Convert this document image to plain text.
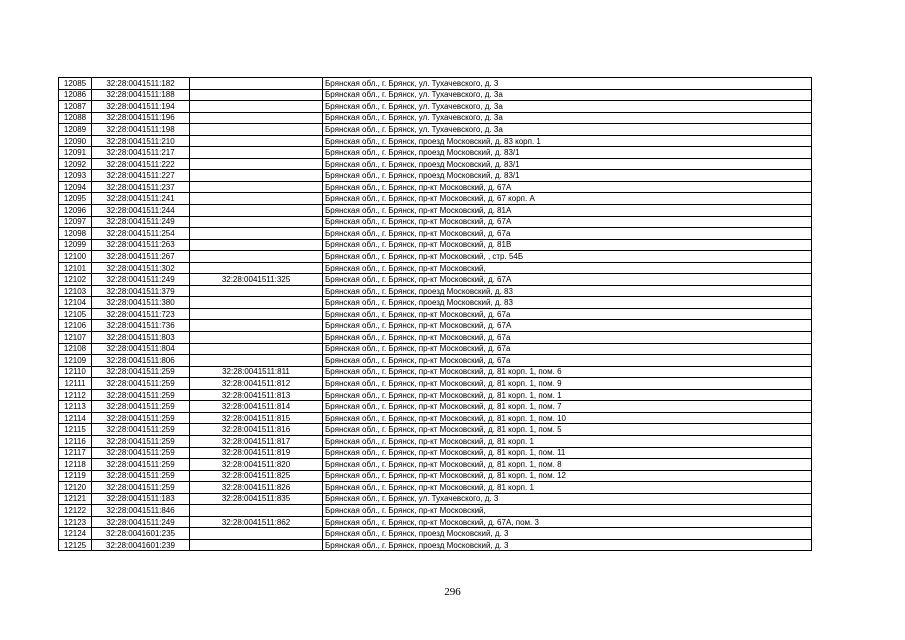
12085	32:28:0041511:182		Брянская обл., г. Брянск, ул. Тухачевского, д. 3
12086	32:28:0041511:188		Брянская обл., г. Брянск, ул. Тухачевского, д. 3а
12087	32:28:0041511:194		Брянская обл., г. Брянск, ул. Тухачевского, д. 3а
12088	32:28:0041511:196		Брянская обл., г. Брянск, ул. Тухачевского, д. 3а
12089	32:28:0041511:198		Брянская обл., г. Брянск, ул. Тухачевского, д. 3а
12090	32:28:0041511:210		Брянская обл., г. Брянск, проезд Московский, д. 83 корп. 1
12091	32:28:0041511:217		Брянская обл., г. Брянск, проезд Московский, д. 83/1
12092	32:28:0041511:222		Брянская обл., г. Брянск, проезд Московский, д. 83/1
12093	32:28:0041511:227		Брянская обл., г. Брянск, проезд Московский, д. 83/1
12094	32:28:0041511:237		Брянская обл., г. Брянск, пр-кт Московский, д. 67А
12095	32:28:0041511:241		Брянская обл., г. Брянск, пр-кт Московский, д. 67 корп. А
12096	32:28:0041511:244		Брянская обл., г. Брянск, пр-кт Московский, д. 81А
12097	32:28:0041511:249		Брянская обл., г. Брянск, пр-кт Московский, д. 67А
12098	32:28:0041511:254		Брянская обл., г. Брянск, пр-кт Московский, д. 67а
12099	32:28:0041511:263		Брянская обл., г. Брянск, пр-кт Московский, д. 81В
12100	32:28:0041511:267		Брянская обл., г. Брянск, пр-кт Московский, , стр. 54Б
12101	32:28:0041511:302		Брянская обл., г. Брянск, пр-кт Московский,
12102	32:28:0041511:249	32:28:0041511:325	Брянская обл., г. Брянск, пр-кт Московский, д. 67А
12103	32:28:0041511:379		Брянская обл., г. Брянск, проезд Московский, д. 83
12104	32:28:0041511:380		Брянская обл., г. Брянск, проезд Московский, д. 83
12105	32:28:0041511:723		Брянская обл., г. Брянск, пр-кт Московский, д. 67а
12106	32:28:0041511:736		Брянская обл., г. Брянск, пр-кт Московский, д. 67А
12107	32:28:0041511:803		Брянская обл., г. Брянск, пр-кт Московский, д. 67а
12108	32:28:0041511:804		Брянская обл., г. Брянск, пр-кт Московский, д. 67а
12109	32:28:0041511:806		Брянская обл., г. Брянск, пр-кт Московский, д. 67а
12110	32:28:0041511:259	32:28:0041511:811	Брянская обл., г. Брянск, пр-кт Московский, д. 81 корп. 1, пом. 6
12111	32:28:0041511:259	32:28:0041511:812	Брянская обл., г. Брянск, пр-кт Московский, д. 81 корп. 1, пом. 9
12112	32:28:0041511:259	32:28:0041511:813	Брянская обл., г. Брянск, пр-кт Московский, д. 81 корп. 1, пом. 1
12113	32:28:0041511:259	32:28:0041511:814	Брянская обл., г. Брянск, пр-кт Московский, д. 81 корп. 1, пом. 7
12114	32:28:0041511:259	32:28:0041511:815	Брянская обл., г. Брянск, пр-кт Московский, д. 81 корп. 1, пом. 10
12115	32:28:0041511:259	32:28:0041511:816	Брянская обл., г. Брянск, пр-кт Московский, д. 81 корп. 1, пом. 5
12116	32:28:0041511:259	32:28:0041511:817	Брянская обл., г. Брянск, пр-кт Московский, д. 81 корп. 1
12117	32:28:0041511:259	32:28:0041511:819	Брянская обл., г. Брянск, пр-кт Московский, д. 81 корп. 1, пом. 11
12118	32:28:0041511:259	32:28:0041511:820	Брянская обл., г. Брянск, пр-кт Московский, д. 81 корп. 1, пом. 8
12119	32:28:0041511:259	32:28:0041511:825	Брянская обл., г. Брянск, пр-кт Московский, д. 81 корп. 1, пом. 12
12120	32:28:0041511:259	32:28:0041511:826	Брянская обл., г. Брянск, пр-кт Московский, д. 81 корп. 1
12121	32:28:0041511:183	32:28:0041511:835	Брянская обл., г. Брянск, ул. Тухачевского, д. 3
12122	32:28:0041511:846		Брянская обл., г. Брянск, пр-кт Московский,
12123	32:28:0041511:249	32:28:0041511:862	Брянская обл., г. Брянск, пр-кт Московский, д. 67А, пом. 3
12124	32:28:0041601:235		Брянская обл., г. Брянск, проезд Московский, д. 3
12125	32:28:0041601:239		Брянская обл., г. Брянск, проезд Московский, д. 3
296
